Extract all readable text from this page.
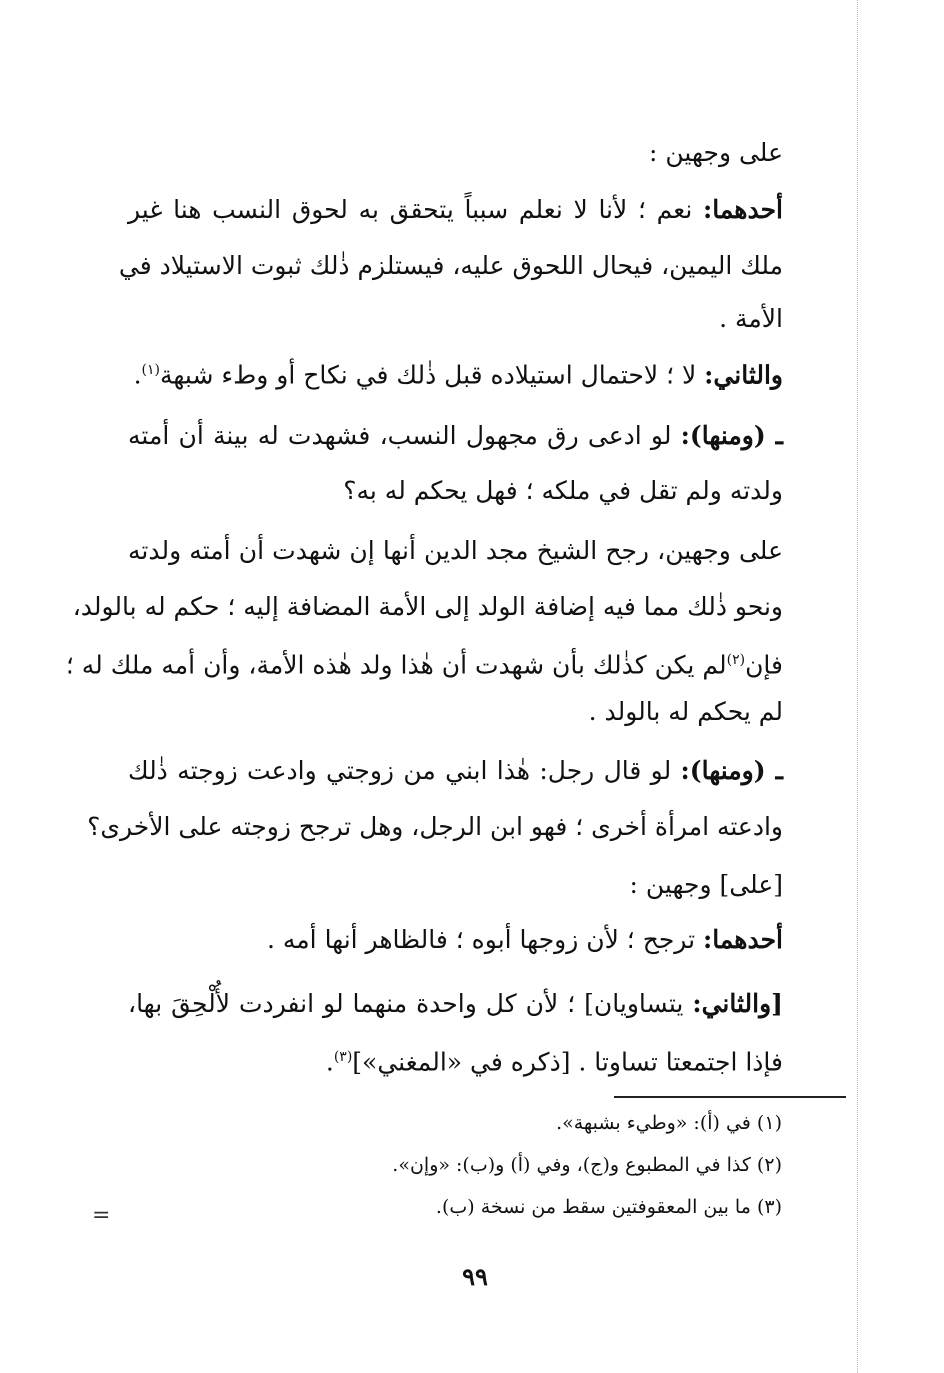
على وجهين :
أحدهما: نعم ؛ لأنا لا نعلم سبباً يتحقق به لحوق النسب هنا غير
ملك اليمين، فيحال اللحوق عليه، فيستلزم ذٰلك ثبوت الاستيلاد في
الأمة .
والثاني: لا ؛ لاحتمال استيلاده قبل ذٰلك في نكاح أو وطء شبهة$^{(١)}$.
ـ (ومنها): لو ادعى رق مجهول النسب، فشهدت له بينة أن أمته
ولدته ولم تقل في ملكه ؛ فهل يحكم له به؟
على وجهين، رجح الشيخ مجد الدين أنها إن شهدت أن أمته ولدته
ونحو ذٰلك مما فيه إضافة الولد إلى الأمة المضافة إليه ؛ حكم له بالولد،
فإن$^{(٢)}$لم يكن كذٰلك بأن شهدت أن هٰذا ولد هٰذه الأمة، وأن أمه ملك له ؛
لم يحكم له بالولد .
ـ (ومنها): لو قال رجل: هٰذا ابني من زوجتي وادعت زوجته ذٰلك
وادعته امرأة أخرى ؛ فهو ابن الرجل، وهل ترجح زوجته على الأخرى؟
[على] وجهين :
أحدهما: ترجح ؛ لأن زوجها أبوه ؛ فالظاهر أنها أمه .
[والثاني: يتساويان] ؛ لأن كل واحدة منهما لو انفردت لأُلْحِقَ بها،
فإذا اجتمعتا تساوتا . [ذكره في «المغني»]$^{(٣)}$.
(١) في (أ): «وطيء بشبهة».
(٢) كذا في المطبوع و(ج)، وفي (أ) و(ب): «وإن».
(٣) ما بين المعقوفتين سقط من نسخة (ب).
=
٩٩
